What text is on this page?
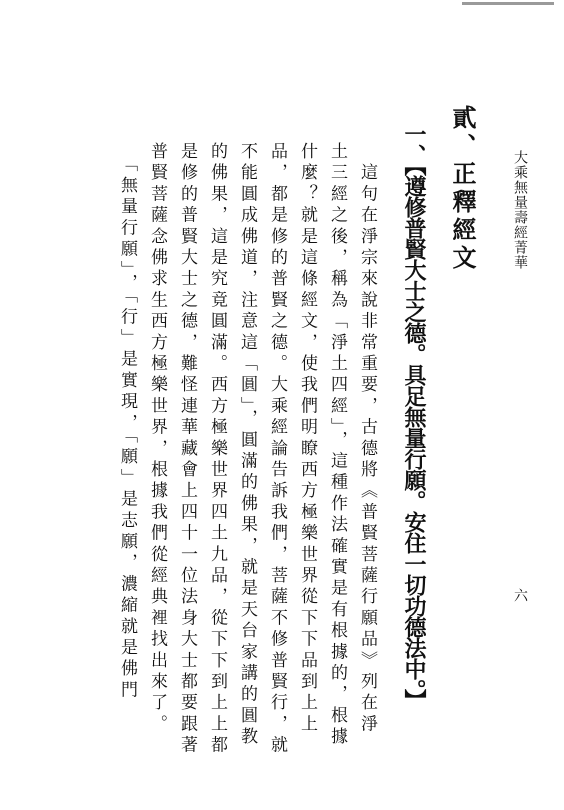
大乘無量壽經菁華
六
貳、正釋經文
一、【遵修普賢大士之德。具足無量行願。安住一切功德法中。】
　這句在淨宗來說非常重要，古德將《普賢菩薩行願品》列在淨
土三經之後，稱為「淨土四經」，這種作法確實是有根據的，根據
什麼？就是這條經文，使我們明瞭西方極樂世界從下下品到上上
品，都是修的普賢之德。大乘經論告訴我們，菩薩不修普賢行，就
不能圓成佛道，注意這「圓」，圓滿的佛果，就是天台家講的圓教
的佛果，這是究竟圓滿。西方極樂世界四土九品，從下下到上上都
是修的普賢大士之德，難怪連華藏會上四十一位法身大士都要跟著
普賢菩薩念佛求生西方極樂世界，根據我們從經典裡找出來了。
　「無量行願」，「行」是實現，「願」是志願，濃縮就是佛門
